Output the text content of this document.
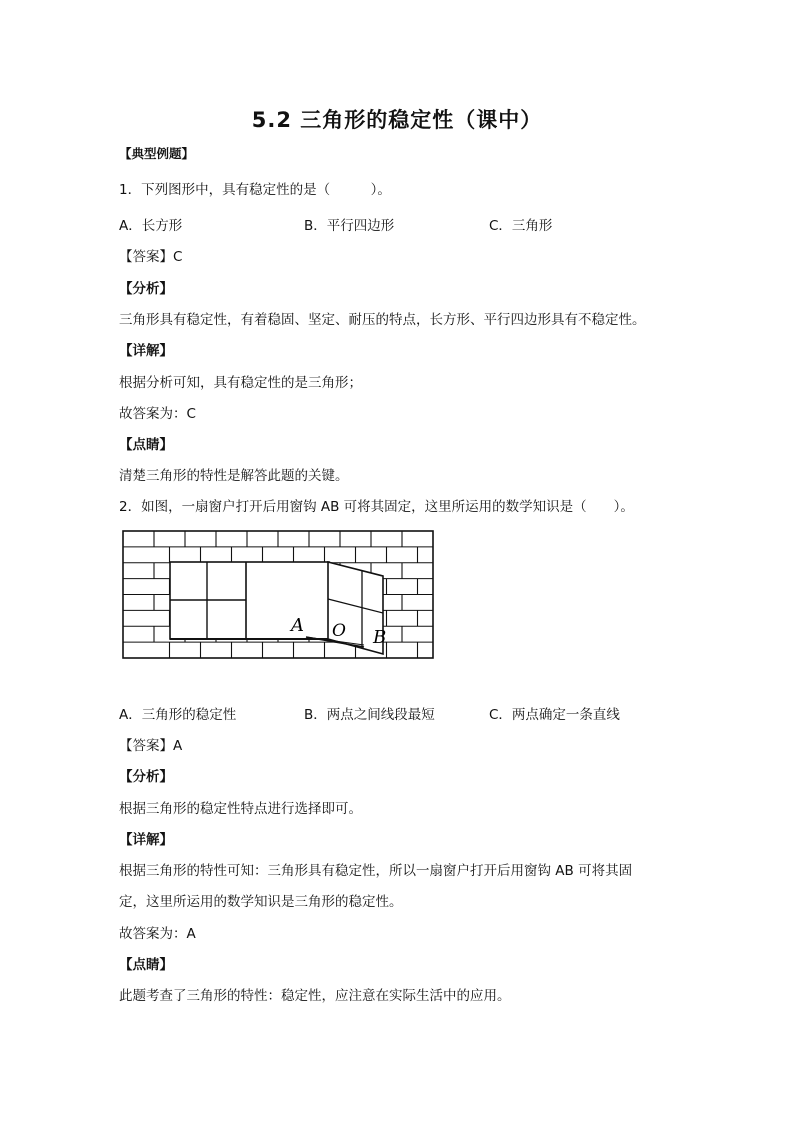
5.2 三角形的稳定性（课中）
【典型例题】
1．下列图形中，具有稳定性的是（　　　）。
A．长方形	B．平行四边形	C．三角形
【答案】C
【分析】
三角形具有稳定性，有着稳固、坚定、耐压的特点，长方形、平行四边形具有不稳定性。
【详解】
根据分析可知，具有稳定性的是三角形；
故答案为：C
【点睛】
清楚三角形的特性是解答此题的关键。
2．如图，一扇窗户打开后用窗钩 AB 可将其固定，这里所运用的数学知识是（　　）。
A O B
A．三角形的稳定性	B．两点之间线段最短	C．两点确定一条直线
【答案】A
【分析】
根据三角形的稳定性特点进行选择即可。
【详解】
根据三角形的特性可知：三角形具有稳定性，所以一扇窗户打开后用窗钩 AB 可将其固
定，这里所运用的数学知识是三角形的稳定性。
故答案为：A
【点睛】
此题考查了三角形的特性：稳定性，应注意在实际生活中的应用。
